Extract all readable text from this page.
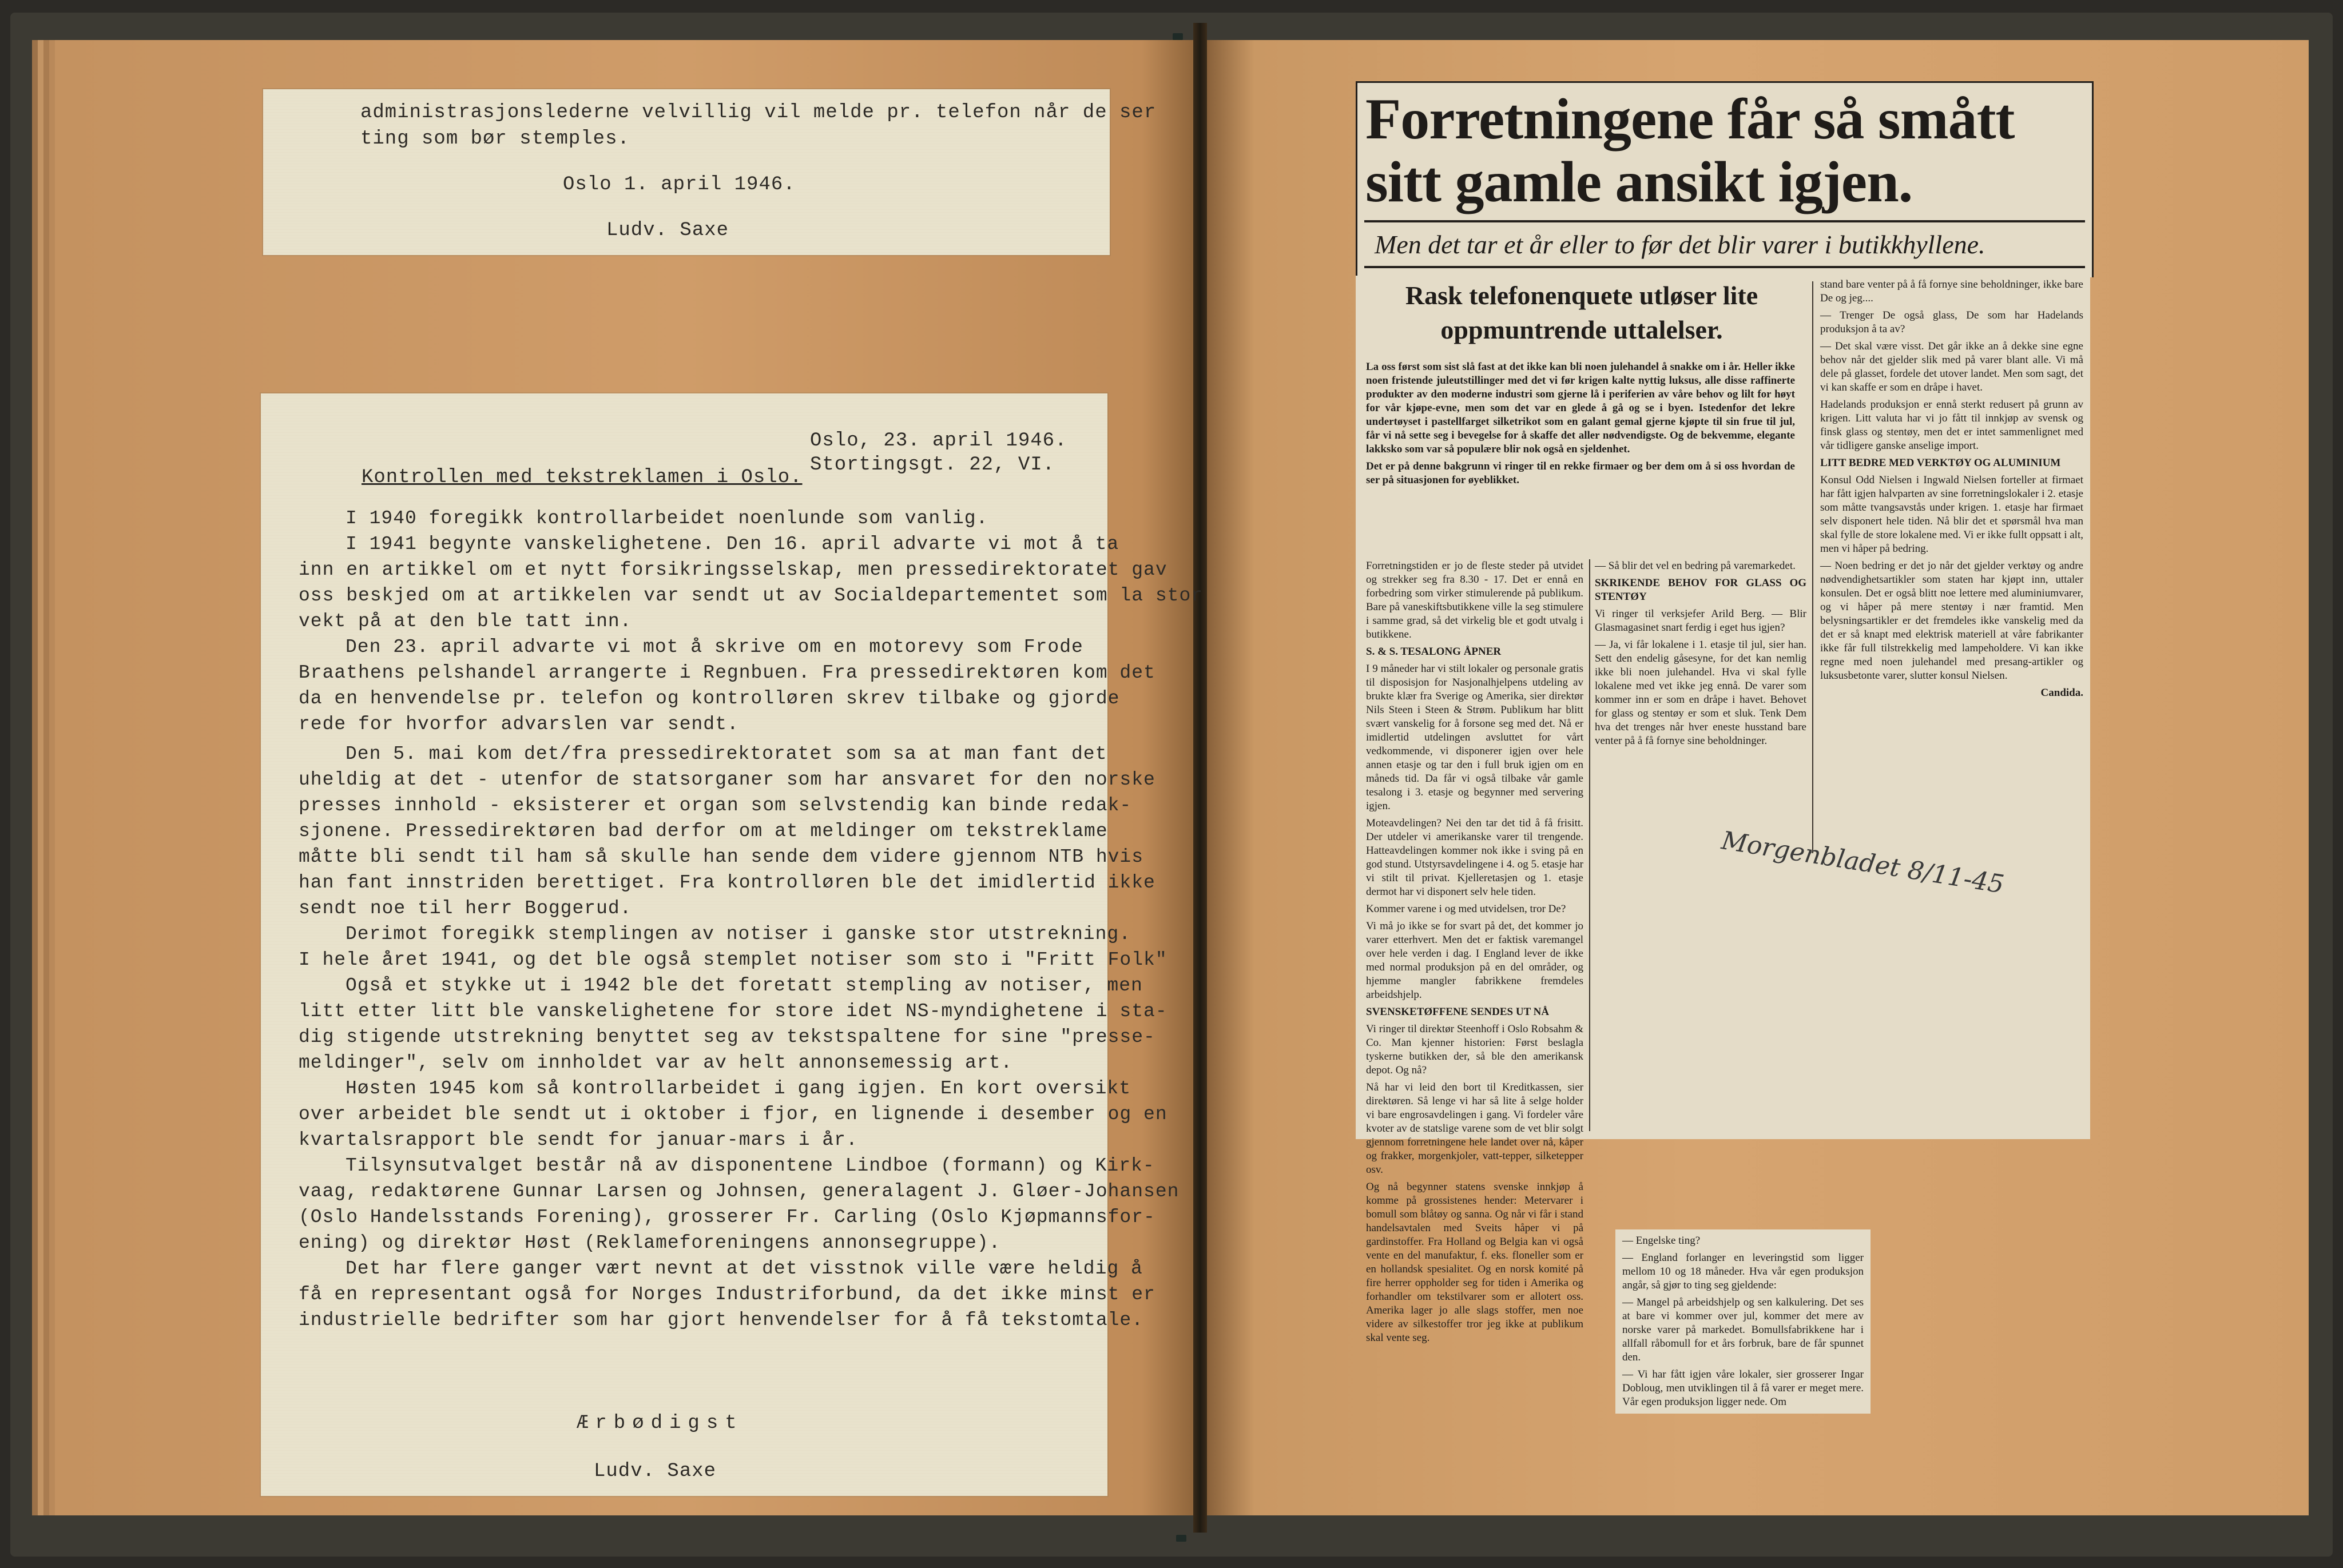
administrasjonslederne velvillig vil melde pr. telefon når de ser
ting som bør stemples.
Oslo 1. april 1946.
Ludv. Saxe
Oslo, 23. april 1946.
Stortingsgt. 22, VI.
Kontrollen med tekstreklamen i Oslo.
I 1940 foregikk kontrollarbeidet noenlunde som vanlig.
I 1941 begynte vanskelighetene. Den 16. april advarte vi mot å ta
inn en artikkel om et nytt forsikringsselskap, men pressedirektoratet gav
oss beskjed om at artikkelen var sendt ut av Socialdepartementet som la stor
vekt på at den ble tatt inn.
Den 23. april advarte vi mot å skrive om en motorevy som Frode
Braathens pelshandel arrangerte i Regnbuen. Fra pressedirektøren kom det
da en henvendelse pr. telefon og kontrolløren skrev tilbake og gjorde
rede for hvorfor advarslen var sendt.
Den 5. mai kom det/fra pressedirektoratet som sa at man fant det
uheldig at det - utenfor de statsorganer som har ansvaret for den norske
presses innhold - eksisterer et organ som selvstendig kan binde redak-
sjonene. Pressedirektøren bad derfor om at meldinger om tekstreklame
måtte bli sendt til ham så skulle han sende dem videre gjennom NTB hvis
han fant innstriden berettiget. Fra kontrolløren ble det imidlertid ikke
sendt noe til herr Boggerud.
Derimot foregikk stemplingen av notiser i ganske stor utstrekning.
I hele året 1941, og det ble også stemplet notiser som sto i "Fritt Folk"
Også et stykke ut i 1942 ble det foretatt stempling av notiser, men
litt etter litt ble vanskelighetene for store idet NS-myndighetene i sta-
dig stigende utstrekning benyttet seg av tekstspaltene for sine "presse-
meldinger", selv om innholdet var av helt annonsemessig art.
Høsten 1945 kom så kontrollarbeidet i gang igjen. En kort oversikt
over arbeidet ble sendt ut i oktober i fjor, en lignende i desember og en
kvartalsrapport ble sendt for januar-mars i år.
Tilsynsutvalget består nå av disponentene Lindboe (formann) og Kirk-
vaag, redaktørene Gunnar Larsen og Johnsen, generalagent J. Gløer-Johansen
(Oslo Handelsstands Forening), grosserer Fr. Carling (Oslo Kjøpmannsfor-
ening) og direktør Høst (Reklameforeningens annonsegruppe).
Det har flere ganger vært nevnt at det visstnok ville være heldig å
få en representant også for Norges Industriforbund, da det ikke minst er
industrielle bedrifter som har gjort henvendelser for å få tekstomtale.
Ærbødigst
Ludv. Saxe
Forretningene får så smått
sitt gamle ansikt igjen.
Men det tar et år eller to før det blir varer i butikkhyllene.
Rask telefonenquete utløser lite
oppmuntrende uttalelser.

La oss først som sist slå fast at det ikke kan bli noen julehandel å snakke om i år. Heller ikke noen fristende juleutstillinger med det vi før krigen kalte nyttig luksus, alle disse raffinerte produkter av den moderne industri som gjerne lå i periferien av våre behov og lilt for høyt for vår kjøpe-evne, men som det var en glede å gå og se i byen. Istedenfor det lekre undertøyset i pastellfarget silketrikot som en galant gemal gjerne kjøpte til sin frue til jul, får vi nå sette seg i bevegelse for å skaffe det aller nødvendigste. Og de bekvemme, elegante lakksko som var så populære blir nok også en sjeldenhet.

Det er på denne bakgrunn vi ringer til en rekke firmaer og ber dem om å si oss hvordan de ser på situasjonen for øyeblikket.

Forretningstiden er jo de fleste steder på utvidet og strekker seg fra 8.30 - 17. Det er ennå en forbedring som virker stimulerende på publikum. Bare på vaneskiftsbutikkene ville la seg stimulere i samme grad, så det virkelig ble et godt utvalg i butikkene.

S. & S. TESALONG ÅPNER

I 9 måneder har vi stilt lokaler og personale gratis til disposisjon for Nasjonalhjelpens utdeling av brukte klær fra Sverige og Amerika, sier direktør Nils Steen i Steen & Strøm. Publikum har blitt svært vanskelig for å forsone seg med det. Nå er imidlertid utdelingen avsluttet for vårt vedkommende, vi disponerer igjen over hele annen etasje og tar den i full bruk igjen om en måneds tid. Da får vi også tilbake vår gamle tesalong i 3. etasje og begynner med servering igjen.

Moteavdelingen? Nei den tar det tid å få frisitt. Der utdeler vi amerikanske varer til trengende. Hatteavdelingen kommer nok ikke i sving på en god stund. Utstyrsavdelingene i 4. og 5. etasje har vi stilt til privat. Kjelleretasjen og 1. etasje dermot har vi disponert selv hele tiden.

Kommer varene i og med utvidelsen, tror De?

Vi må jo ikke se for svart på det, det kommer jo varer etterhvert. Men det er faktisk varemangel over hele verden i dag. I England lever de ikke med normal produksjon på en del områder, og hjemme mangler fabrikkene fremdeles arbeidshjelp.

SVENSKETØFFENE SENDES UT NÅ

Vi ringer til direktør Steenhoff i Oslo Robsahm & Co. Man kjenner historien: Først beslagla tyskerne butikken der, så ble den amerikansk depot. Og nå?

Nå har vi leid den bort til Kreditkassen, sier direktøren. Så lenge vi har så lite å selge holder vi bare engrosavdelingen i gang. Vi fordeler våre kvoter av de statslige varene som de vet blir solgt gjennom forretningene hele landet over nå, kåper og frakker, morgenkjoler, vatt-tepper, silketepper osv.

Og nå begynner statens svenske innkjøp å komme på grossistenes hender: Metervarer i bomull som blåtøy og sanna. Og når vi får i stand handelsavtalen med Sveits håper vi på gardinstoffer. Fra Holland og Belgia kan vi også vente en del manufaktur, f. eks. floneller som er en hollandsk spesialitet. Og en norsk komité på fire herrer oppholder seg for tiden i Amerika og forhandler om tekstilvarer som er allotert oss. Amerika lager jo alle slags stoffer, men noe videre av silkestoffer tror jeg ikke at publikum skal vente seg.

— Så blir det vel en bedring på varemarkedet.

SKRIKENDE BEHOV FOR GLASS OG STENTØY

Vi ringer til verksjefer Arild Berg. — Blir Glasmagasinet snart ferdig i eget hus igjen?

— Ja, vi får lokalene i 1. etasje til jul, sier han. Sett den endelig gåsesyne, for det kan nemlig ikke bli noen julehandel. Hva vi skal fylle lokalene med vet ikke jeg ennå. De varer som kommer inn er som en dråpe i havet. Behovet for glass og stentøy er som et sluk. Tenk Dem hva det trenges når hver eneste husstand bare venter på å få fornye sine beholdninger.

stand bare venter på å få fornye sine beholdninger, ikke bare De og jeg....

— Trenger De også glass, De som har Hadelands produksjon å ta av?

— Det skal være visst. Det går ikke an å dekke sine egne behov når det gjelder slik med på varer blant alle. Vi må dele på glasset, fordele det utover landet. Men som sagt, det vi kan skaffe er som en dråpe i havet.

Hadelands produksjon er ennå sterkt redusert på grunn av krigen. Litt valuta har vi jo fått til innkjøp av svensk og finsk glass og stentøy, men det er intet sammenlignet med vår tidligere ganske anselige import.

LITT BEDRE MED VERKTØY OG ALUMINIUM

Konsul Odd Nielsen i Ingwald Nielsen forteller at firmaet har fått igjen halvparten av sine forretningslokaler i 2. etasje som måtte tvangsavstås under krigen. 1. etasje har firmaet selv disponert hele tiden. Nå blir det et spørsmål hva man skal fylle de store lokalene med. Vi er ikke fullt oppsatt i alt, men vi håper på bedring.

— Noen bedring er det jo når det gjelder verktøy og andre nødvendighetsartikler som staten har kjøpt inn, uttaler konsulen. Det er også blitt noe lettere med aluminiumvarer, og vi håper på mere stentøy i nær framtid. Men belysningsartikler er det fremdeles ikke vanskelig med da det er så knapt med elektrisk materiell at våre fabrikanter ikke får full tilstrekkelig med lampeholdere. Vi kan ikke regne med noen julehandel med presang-artikler og luksusbetonte varer, slutter konsul Nielsen.

Candida.

— Engelske ting?

— England forlanger en leveringstid som ligger mellom 10 og 18 måneder. Hva vår egen produksjon angår, så gjør to ting seg gjeldende:

— Mangel på arbeidshjelp og sen kalkulering. Det ses at bare vi kommer over jul, kommer det mere av norske varer på markedet. Bomullsfabrikkene har i allfall råbomull for et års forbruk, bare de får spunnet den.

— Vi har fått igjen våre lokaler, sier grosserer Ingar Dobloug, men utviklingen til å få varer er meget mere. Vår egen produksjon ligger nede. Om

Morgenbladet 8/11-45
